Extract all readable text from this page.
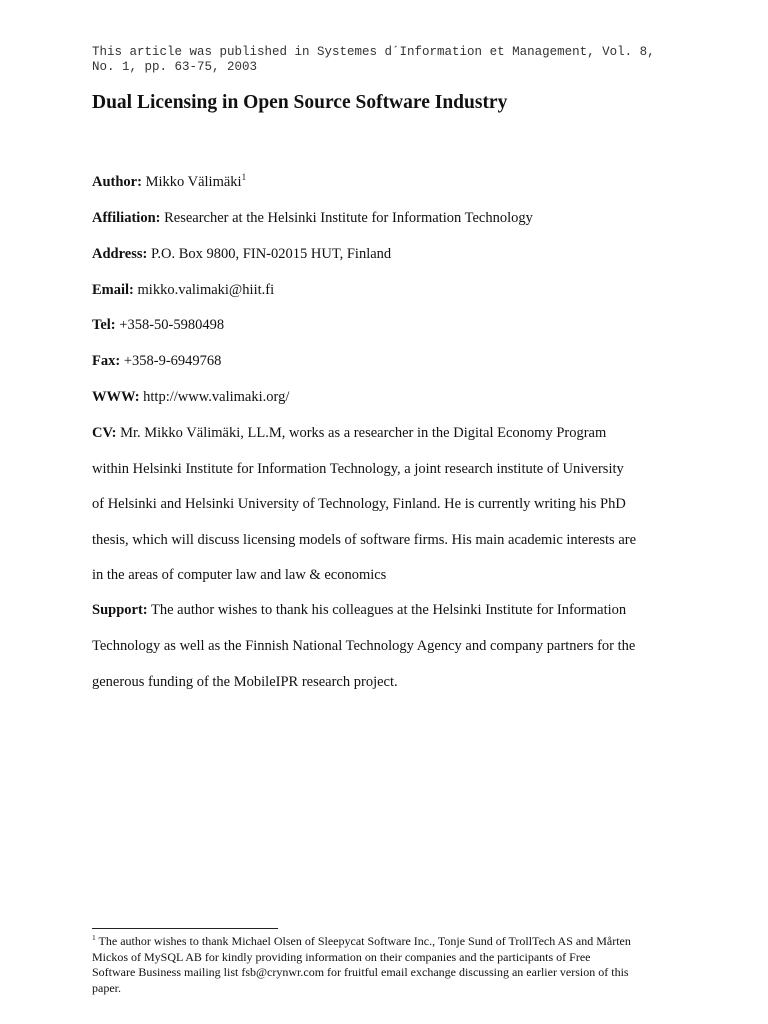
This article was published in Systemes d´Information et Management, Vol. 8,
No. 1, pp. 63-75, 2003
Dual Licensing in Open Source Software Industry
Author: Mikko Välimäki$^1$
Affiliation: Researcher at the Helsinki Institute for Information Technology
Address: P.O. Box 9800, FIN-02015 HUT, Finland
Email: mikko.valimaki@hiit.fi
Tel: +358-50-5980498
Fax: +358-9-6949768
WWW: http://www.valimaki.org/
CV: Mr. Mikko Välimäki, LL.M, works as a researcher in the Digital Economy Program
within Helsinki Institute for Information Technology, a joint research institute of University
of Helsinki and Helsinki University of Technology, Finland. He is currently writing his PhD
thesis, which will discuss licensing models of software firms. His main academic interests are
in the areas of computer law and law & economics
Support: The author wishes to thank his colleagues at the Helsinki Institute for Information
Technology as well as the Finnish National Technology Agency and company partners for the
generous funding of the MobileIPR research project.
$^1$ The author wishes to thank Michael Olsen of Sleepycat Software Inc., Tonje Sund of TrollTech AS and Mårten
Mickos of MySQL AB for kindly providing information on their companies and the participants of Free
Software Business mailing list fsb@crynwr.com for fruitful email exchange discussing an earlier version of this
paper.
